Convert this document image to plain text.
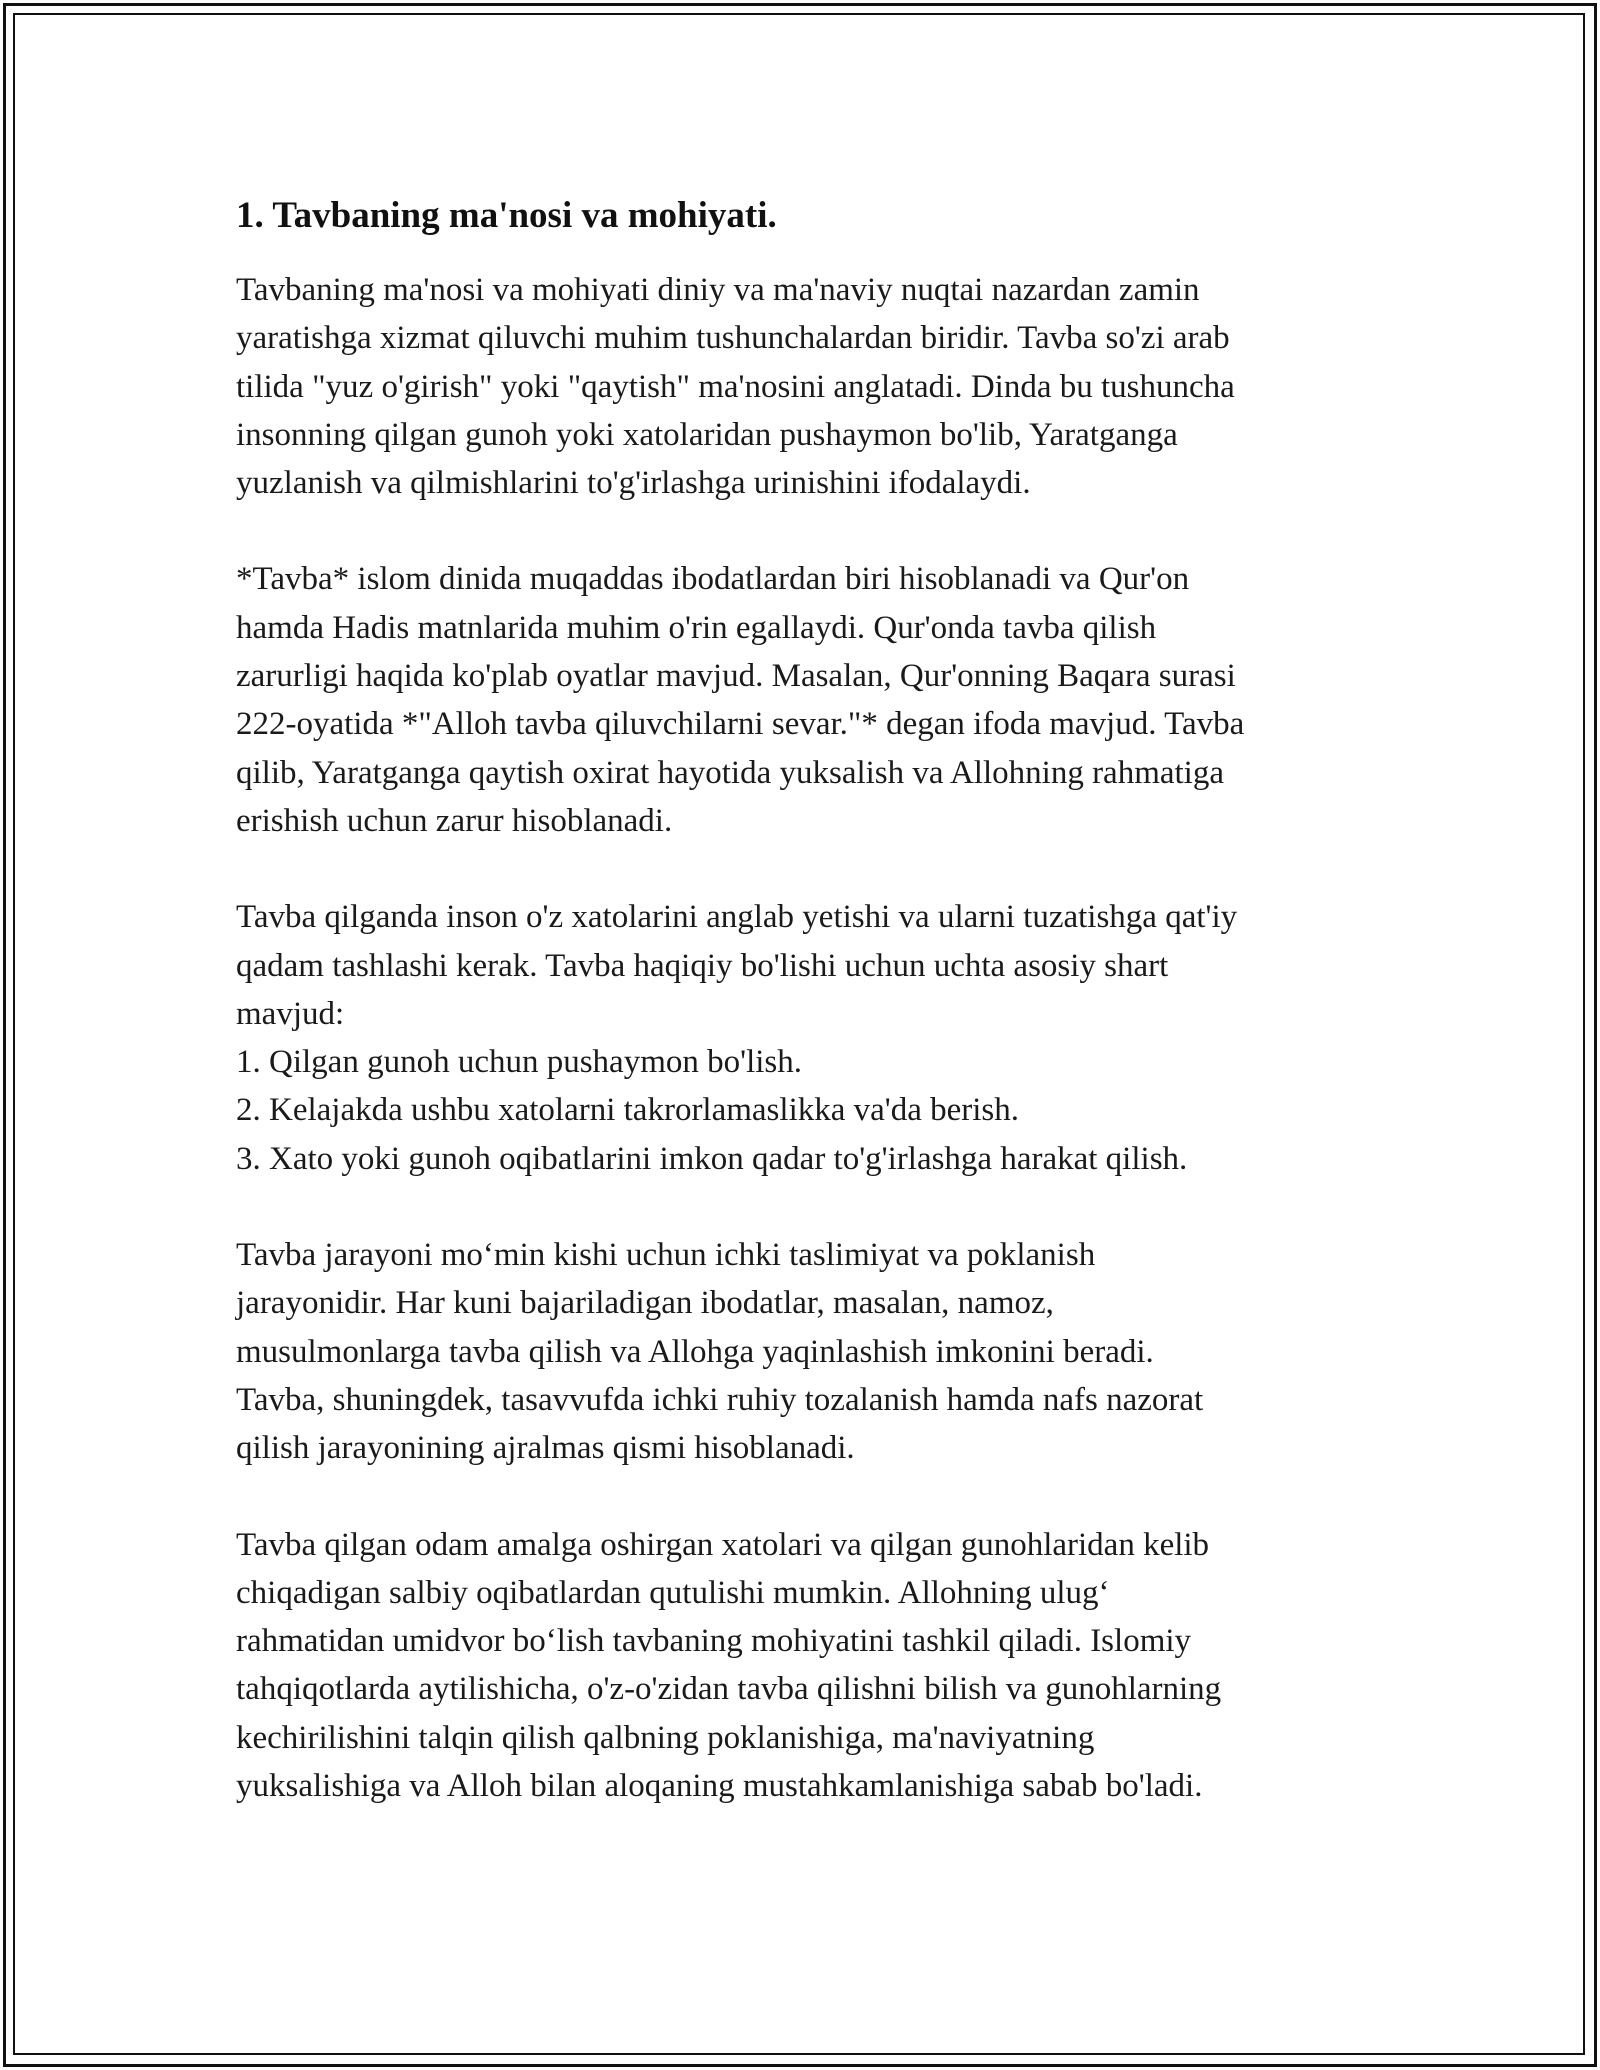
1. Tavbaning ma'nosi va mohiyati.

Tavbaning ma'nosi va mohiyati diniy va ma'naviy nuqtai nazardan zamin
yaratishga xizmat qiluvchi muhim tushunchalardan biridir. Tavba so'zi arab
tilida "yuz o'girish" yoki "qaytish" ma'nosini anglatadi. Dinda bu tushuncha
insonning qilgan gunoh yoki xatolaridan pushaymon bo'lib, Yaratganga
yuzlanish va qilmishlarini to'g'irlashga urinishini ifodalaydi.

*Tavba* islom dinida muqaddas ibodatlardan biri hisoblanadi va Qur'on
hamda Hadis matnlarida muhim o'rin egallaydi. Qur'onda tavba qilish
zarurligi haqida ko'plab oyatlar mavjud. Masalan, Qur'onning Baqara surasi
222-oyatida *"Alloh tavba qiluvchilarni sevar."* degan ifoda mavjud. Tavba
qilib, Yaratganga qaytish oxirat hayotida yuksalish va Allohning rahmatiga
erishish uchun zarur hisoblanadi.

Tavba qilganda inson o'z xatolarini anglab yetishi va ularni tuzatishga qat'iy
qadam tashlashi kerak. Tavba haqiqiy bo'lishi uchun uchta asosiy shart
mavjud:
1. Qilgan gunoh uchun pushaymon bo'lish.
2. Kelajakda ushbu xatolarni takrorlamaslikka va'da berish.
3. Xato yoki gunoh oqibatlarini imkon qadar to'g'irlashga harakat qilish.

Tavba jarayoni mo‘min kishi uchun ichki taslimiyat va poklanish
jarayonidir. Har kuni bajariladigan ibodatlar, masalan, namoz,
musulmonlarga tavba qilish va Allohga yaqinlashish imkonini beradi.
Tavba, shuningdek, tasavvufda ichki ruhiy tozalanish hamda nafs nazorat
qilish jarayonining ajralmas qismi hisoblanadi.

Tavba qilgan odam amalga oshirgan xatolari va qilgan gunohlaridan kelib
chiqadigan salbiy oqibatlardan qutulishi mumkin. Allohning ulug‘
rahmatidan umidvor bo‘lish tavbaning mohiyatini tashkil qiladi. Islomiy
tahqiqotlarda aytilishicha, o'z-o'zidan tavba qilishni bilish va gunohlarning
kechirilishini talqin qilish qalbning poklanishiga, ma'naviyatning
yuksalishiga va Alloh bilan aloqaning mustahkamlanishiga sabab bo'ladi.
